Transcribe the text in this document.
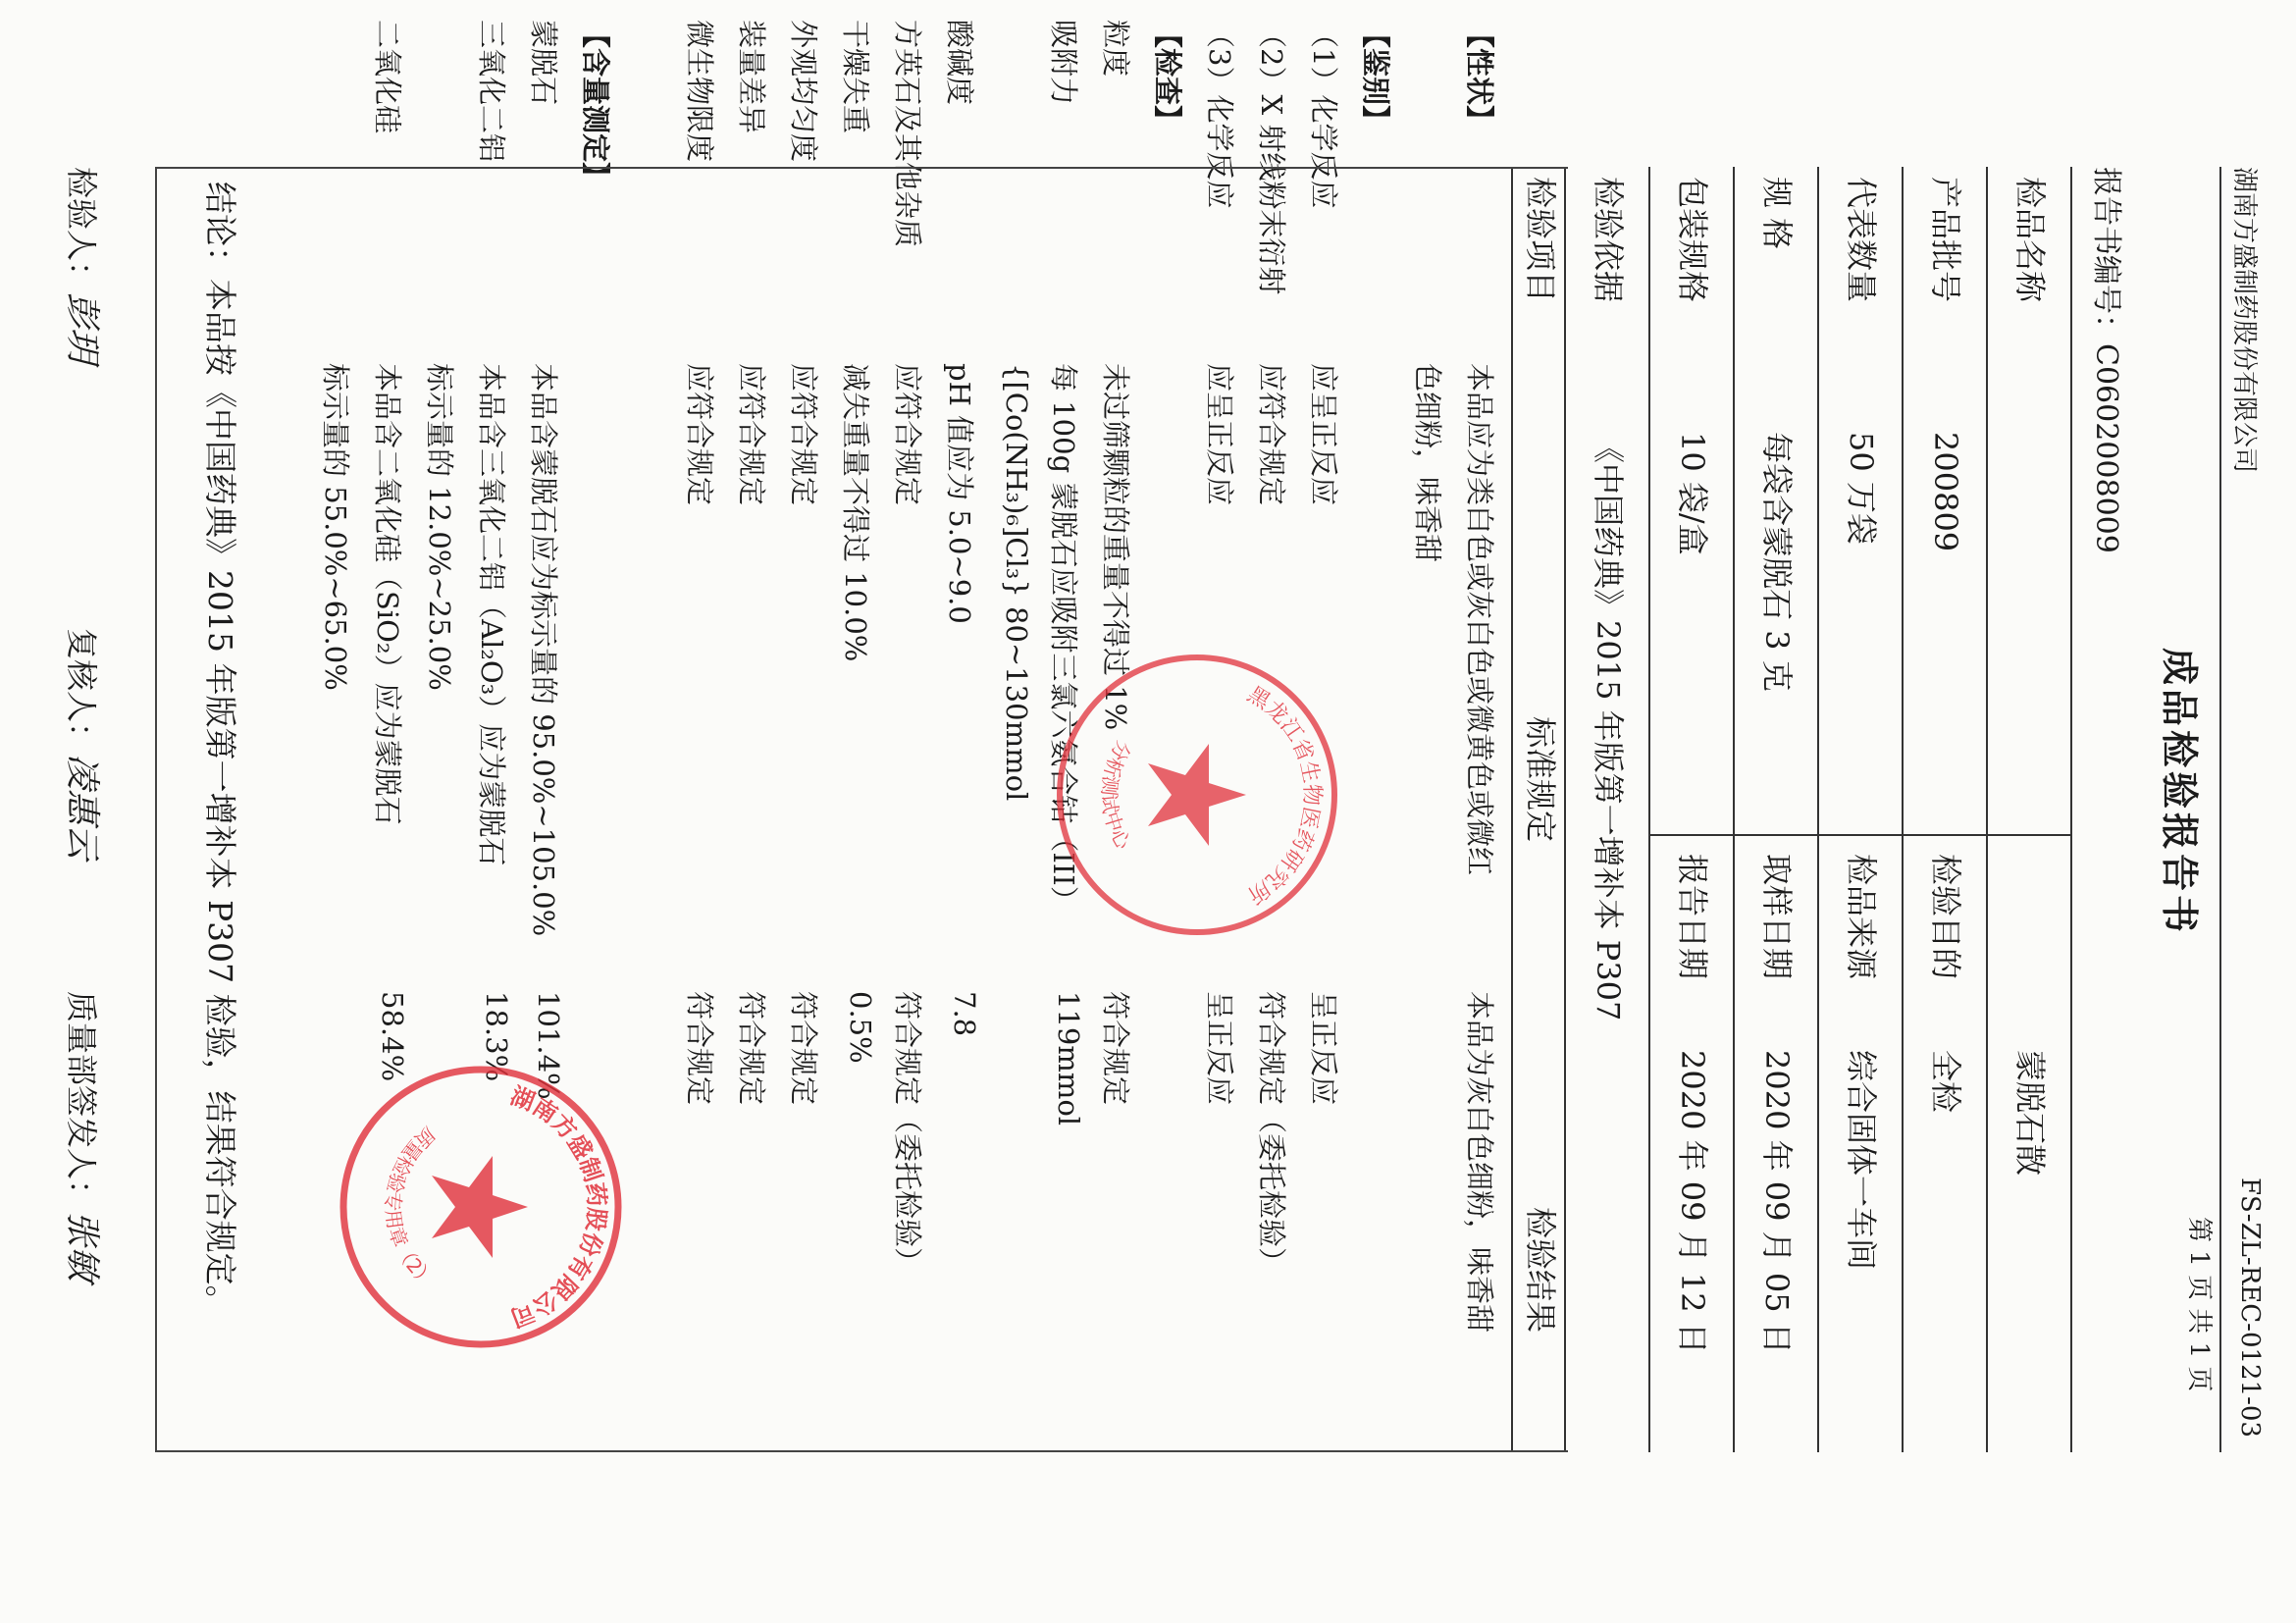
湖南方盛制药股份有限公司
FS-ZL-REC-0121-03
第 1 页 共 1 页
成品检验报告书
报告书编号：C0602008009
检品名称
蒙脱石散
产品批号
200809
检验目的
全检
代表数量
50 万袋
检品来源
综合固体一车间
规 格
每袋含蒙脱石 3 克
取样日期
2020 年 09 月 05 日
包装规格
10 袋/盒
报告日期
2020 年 09 月 12 日
检验依据
《中国药典》2015 年版第一增补本 P307
检验项目
标准规定
检验结果
【性状】
本品应为类白色或灰白色或微黄色或微红
本品为灰白色细粉，味香甜
色细粉，味香甜
【鉴别】
（1）化学反应
应呈正反应
呈正反应
（2）X 射线粉末衍射
应符合规定
符合规定（委托检验）
（3）化学反应
应呈正反应
呈正反应
【检查】
粒度
未过筛颗粒的重量不得过 1%
符合规定
吸附力
每 100g 蒙脱石应吸附三氯六氨合钴（III）
119mmol
{[Co(NH₃)₆]Cl₃} 80~130mmol
酸碱度
pH 值应为 5.0~9.0
7.8
方英石及其他杂质
应符合规定
符合规定（委托检验）
干燥失重
减失重量不得过 10.0%
0.5%
外观均匀度
应符合规定
符合规定
装量差异
应符合规定
符合规定
微生物限度
应符合规定
符合规定
【含量测定】
蒙脱石
本品含蒙脱石应为标示量的 95.0%~105.0%
101.4%
三氧化二铝
本品含三氧化二铝（Al₂O₃）应为蒙脱石
18.3%
标示量的 12.0%~25.0%
二氧化硅
本品含二氧化硅（SiO₂）应为蒙脱石
58.4%
标示量的 55.0%~65.0%
结论：本品按《中国药典》2015 年版第一增补本 P307 检验，结果符合规定。
检验人：彭玥
复核人：凌惠云
质量部签发人：张敏
黑龙江省生物医药研究所
分析测试中心
湖南方盛制药股份有限公司
质量检验专用章（2）
